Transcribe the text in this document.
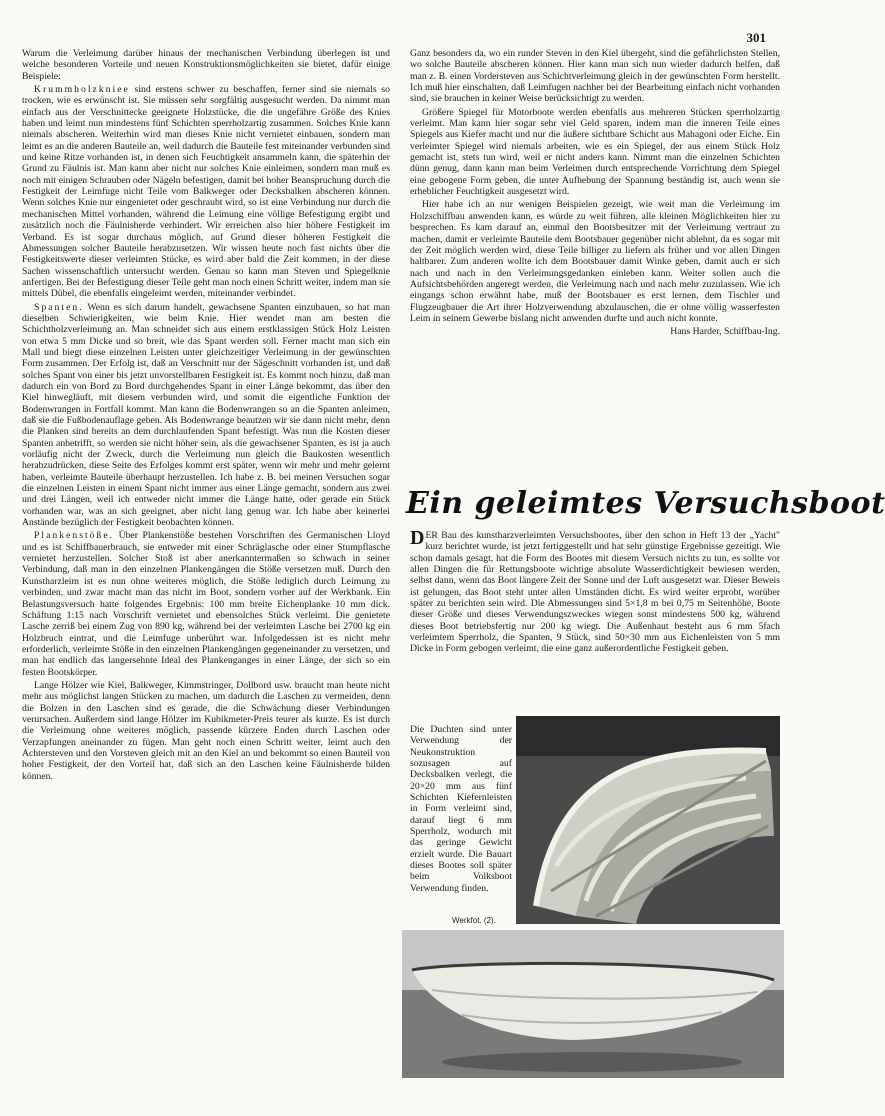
301

Warum die Verleimung darüber hinaus der mechanischen Verbindung überlegen ist und welche besonderen Vorteile und neuen Konstruktionsmöglichkeiten sie bietet, dafür einige Beispiele:

Krummholzkniee sind erstens schwer zu beschaffen, ferner sind sie niemals so trocken, wie es erwünscht ist. Sie müssen sehr sorgfältig ausgesucht werden. Da nimmt man einfach aus der Verschnittecke geeignete Holzstücke, die die ungefähre Größe des Knies haben und leimt nun mindestens fünf Schichten sperrholzartig zusammen. Solches Knie kann niemals abscheren. Weiterhin wird man dieses Knie nicht vernietet einbauen, sondern man leimt es an die anderen Bauteile an, weil dadurch die Bauteile fest miteinander verbunden sind und keine Ritze vorhanden ist, in denen sich Feuchtigkeit ansammeln kann, die späterhin der Grund zu Fäulnis ist. Man kann aber nicht nur solches Knie einleimen, sondern man muß es noch mit einigen Schrauben oder Nägeln befestigen, damit bei hoher Beanspruchung durch die Festigkeit der Leimfuge nicht Teile vom Balkweger oder Decksbalken abscheren können. Wenn solches Knie nur eingenietet oder geschraubt wird, so ist eine Verbindung nur durch die mechanischen Mittel vorhanden, während die Leimung eine völlige Befestigung ergibt und zusätzlich noch die Fäulnisherde verhindert. Wir erreichen also hier höhere Festigkeit im Verband. Es ist sogar durchaus möglich, auf Grund dieser höheren Festigkeit die Abmessungen solcher Bauteile herabzusetzen. Wir wissen heute noch fast nichts über die Festigkeitswerte dieser verleimten Stücke, es wird aber bald die Zeit kommen, in der diese Sachen wissenschaftlich untersucht werden. Genau so kann man Steven und Spiegelknie anfertigen. Bei der Befestigung dieser Teile geht man noch einen Schritt weiter, indem man sie mittels Dübel, die ebenfalls eingeleimt werden, miteinander verbindet.

Spanten. Wenn es sich darum handelt, gewachsene Spanten einzubauen, so hat man dieselben Schwierigkeiten, wie beim Knie. Hier wendet man am besten die Schichtholzverleimung an. Man schneidet sich aus einem erstklassigen Stück Holz Leisten von etwa 5 mm Dicke und so breit, wie das Spant werden soll. Ferner macht man sich ein Mall und biegt diese einzelnen Leisten unter gleichzeitiger Verleimung in der gewünschten Form zusammen. Der Erfolg ist, daß an Verschnitt nur der Sägeschnitt vorhanden ist, und daß solches Spant von einer bis jetzt unvorstellbaren Festigkeit ist. Es kommt noch hinzu, daß man dadurch ein von Bord zu Bord durchgehendes Spant in einer Länge bekommt, das über den Kiel hinwegläuft, mit diesem verbunden wird, und somit die eigentliche Funktion der Bodenwrangen in Fortfall kommt. Man kann die Bodenwrangen so an die Spanten anleimen, daß sie die Fußbodenauflage geben. Als Bodenwrange beautzen wir sie dann nicht mehr, denn die Planken sind bereits an dem durchlaufenden Spant befestigt. Was nun die Kosten dieser Spanten anbetrifft, so werden sie nicht höher sein, als die gewachsener Spanten, es ist ja auch vorläufig nicht der Zweck, durch die Verleimung nun gleich die Baukosten wesentlich herabzudrücken, diese Seite des Erfolges kommt erst später, wenn wir mehr und mehr gelernt haben, verleimte Bauteile überhaupt herzustellen. Ich habe z. B. bei meinen Versuchen sogar die einzelnen Leisten in einem Spant nicht immer aus einer Länge gemacht, sondern aus zwei und drei Längen, weil ich entweder nicht immer die Länge hatte, oder gerade ein Stück vorhanden war, was an sich geeignet, aber nicht lang genug war. Ich habe aber keinerlei Anstände bezüglich der Festigkeit beobachten können.

Plankenstöße. Über Plankenstöße bestehen Vorschriften des Germanischen Lloyd und es ist Schiffbauerbrauch, sie entweder mit einer Schräglasche oder einer Stumpflasche vernietet herzustellen. Solcher Stoß ist aber anerkanntermaßen so schwach in seiner Verbindung, daß man in den einzelnen Plankengängen die Stöße versetzen muß. Durch den Kunstharzleim ist es nun ohne weiteres möglich, die Stöße lediglich durch Leimung zu verbinden, und zwar macht man das nicht im Boot, sondern vorher auf der Werkbank. Ein Belastungsversuch hatte folgendes Ergebnis: 100 mm breite Eichenplanke 10 mm dick. Schäftung 1:15 nach Vorschrift vernietet und ebensolches Stück verleimt. Die genietete Lasche zerriß bei einem Zug von 890 kg, während bei der verleimten Lasche bei 2700 kg ein Holzbruch eintrat, und die Leimfuge unberührt war. Infolgedessen ist es nicht mehr erforderlich, verleimte Stöße in den einzelnen Plankengängen gegeneinander zu versetzen, und man hat endlich das langersehnte Ideal des Plankenganges in einer Länge, der sich so ein festen Bootskörper.

Lange Hölzer wie Kiel, Balkweger, Kimmstringer, Dollbord usw. braucht man heute nicht mehr aus möglichst langen Stücken zu machen, um dadurch die Laschen zu vermeiden, denn die Bolzen in den Laschen sind es gerade, die die Schwächung dieser Verbindungen verursachen. Außerdem sind lange Hölzer im Kubikmeter-Preis teurer als kurze. Es ist durch die Verleimung ohne weiteres möglich, passende kürzere Enden durch Laschen oder Verzapfungen aneinander zu fügen. Man geht noch einen Schritt weiter, leimt auch den Achtersteven und den Vorsteven gleich mit an den Kiel an und bekommt so einen Bauteil von hoher Festigkeit, der den Vorteil hat, daß sich an den Laschen keine Fäulnisherde bilden können.

Ganz besonders da, wo ein runder Steven in den Kiel übergeht, sind die gefährlichsten Stellen, wo solche Bauteile abscheren können. Hier kann man sich nun wieder dadurch helfen, daß man z. B. einen Vordersteven aus Schichtverleimung gleich in der gewünschten Form herstellt. Ich muß hier einschalten, daß Leimfugen nachher bei der Bearbeitung einfach nicht vorhanden sind, sie brauchen in keiner Weise berücksichtigt zu werden.

Größere Spiegel für Motorboote werden ebenfalls aus mehreren Stücken sperrholzartig verleimt. Man kann hier sogar sehr viel Geld sparen, indem man die inneren Teile eines Spiegels aus Kiefer macht und nur die äußere sichtbare Schicht aus Mahagoni oder Eiche. Ein verleimter Spiegel wird niemals arbeiten, wie es ein Spiegel, der aus einem Stück Holz gemacht ist, stets tun wird, weil er nicht anders kann. Nimmt man die einzelnen Schichten dünn genug, dann kann man beim Verleimen durch entsprechende Vorrichtung dem Spiegel eine gebogene Form geben, die unter Aufhebung der Spannung beständig ist, auch wenn sie erheblicher Feuchtigkeit ausgesetzt wird.

Hier habe ich an nur wenigen Beispielen gezeigt, wie weit man die Verleimung im Holzschiffbau anwenden kann, es würde zu weit führen, alle kleinen Möglichkeiten hier zu besprechen. Es kam darauf an, einmal den Bootsbesitzer mit der Verleimung vertraut zu machen, damit er verleimte Bauteile dem Bootsbauer gegenüber nicht ablehnt, da es sogar mit der Zeit möglich werden wird, diese Teile billiger zu liefern als früher und vor allen Dingen haltbarer. Zum anderen wollte ich dem Bootsbauer damit Winke geben, damit auch er sich nach und nach in den Verleimungsgedanken einleben kann. Weiter sollen auch die Aufsichtsbehörden angeregt werden, die Verleimung nach und nach mehr zuzulassen. Wie ich eingangs schon erwähnt habe, muß der Bootsbauer es erst lernen, dem Tischler und Flugzeugbauer die Art ihrer Holzverwendung abzulauschen, die er ohne völlig wasserfesten Leim in seinem Gewerbe bislang nicht anwenden durfte und auch nicht konnte.

Hans Harder, Schiffbau-Ing.

Ein geleimtes Versuchsboot

DER Bau des kunstharzverleimten Versuchsbootes, über den schon in Heft 13 der „Yacht" kurz berichtet wurde, ist jetzt fertiggestellt und hat sehr günstige Ergebnisse gezeitigt. Wie schon damals gesagt, hat die Form des Bootes mit diesem Versuch nichts zu tun, es sollte vor allen Dingen die für Rettungsboote wichtige absolute Wasserdichtigkeit bewiesen werden, selbst dann, wenn das Boot längere Zeit der Sonne und der Luft ausgesetzt war. Dieser Beweis ist gelungen, das Boot steht unter allen Umständen dicht. Es wird weiter erprobt, worüber später zu berichten sein wird. Die Abmessungen sind 5×1,8 m bei 0,75 m Seitenhöhe, Boote dieser Größe und dieses Verwendungszweckes wiegen sonst mindestens 500 kg, während dieses Boot betriebsfertig nur 200 kg wiegt. Die Außenhaut besteht aus 6 mm 5fach verleimtem Sperrholz, die Spanten, 9 Stück, sind 50×30 mm aus Eichenleisten von 5 mm Dicke in Form gebogen verleimt, die eine ganz außerordentliche Festigkeit geben.

Die Duchten sind unter Verwendung der Neukonstruktion sozusagen auf Decksbalken verlegt, die 20×20 mm aus fünf Schichten Kiefernleisten in Form verleimt sind, darauf liegt 6 mm Sperrholz, wodurch mit das geringe Gewicht erzielt wurde. Die Bauart dieses Bootes soll später beim Volksboot Verwendung finden.
Werkfot. (2).
